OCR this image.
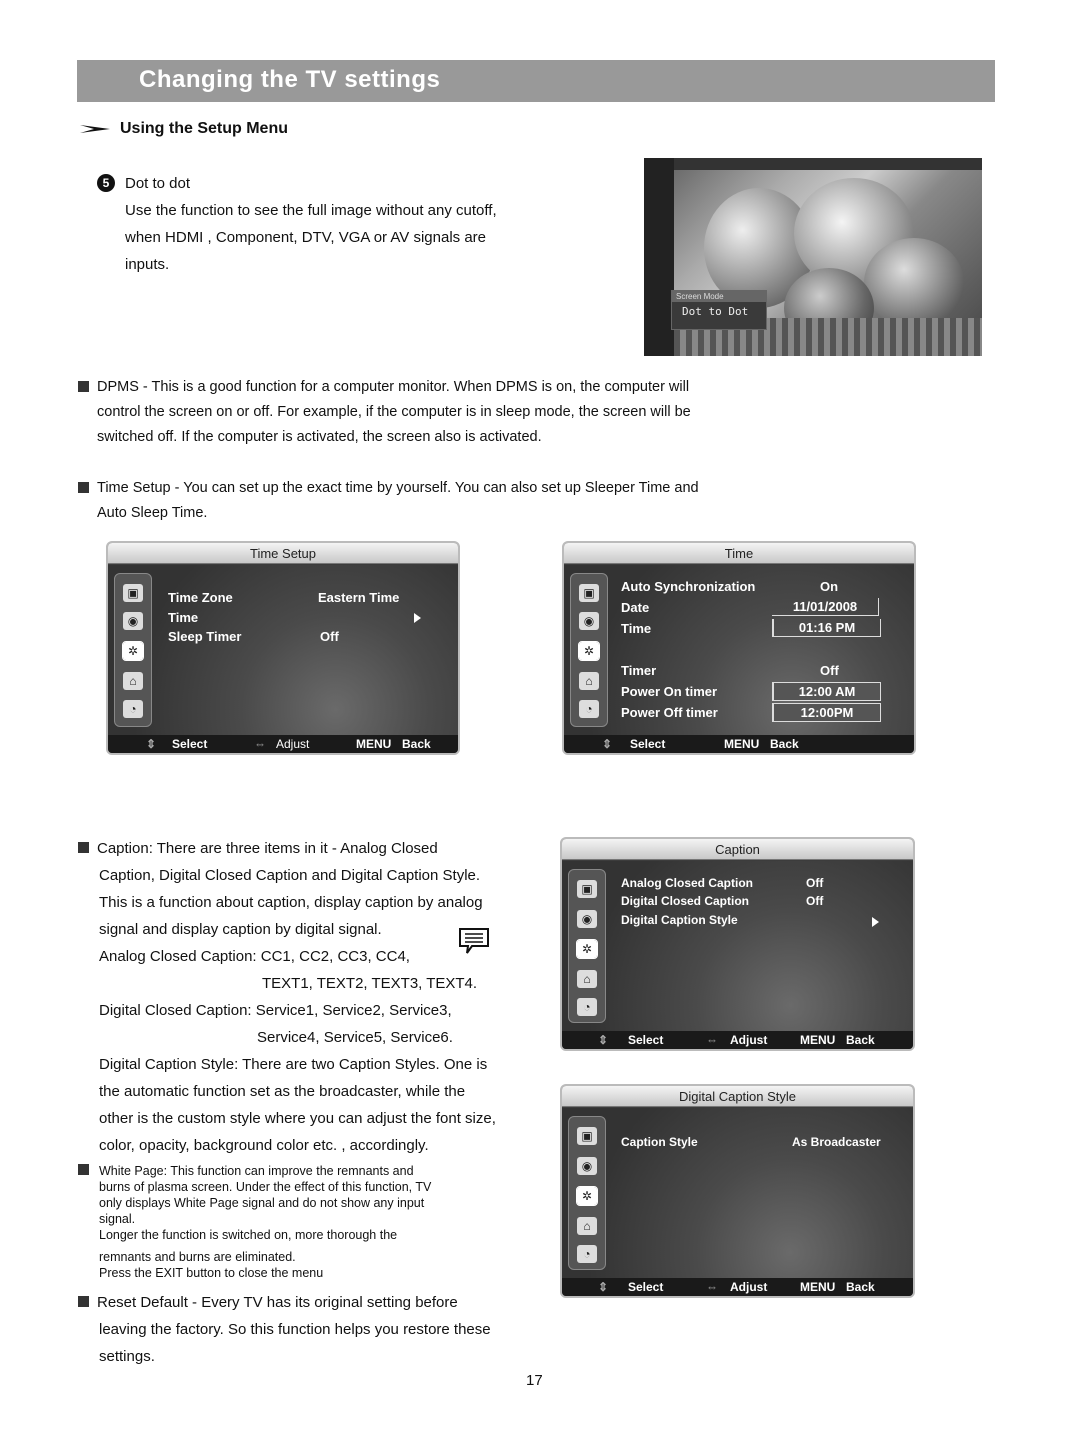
Changing the TV settings
Using the Setup Menu
5	Dot to dot
Use the function to see the full image without any cutoff,
when HDMI , Component, DTV, VGA or AV signals are
inputs.
Screen Mode
Dot to Dot
DPMS - This is a good function for a computer monitor. When DPMS is on, the computer will
control the screen on or off. For example, if the computer is in sleep mode, the screen will be
switched off. If the computer is activated, the screen also is activated.
Time Setup - You can set up the exact time by yourself. You can also set up Sleeper Time and
Auto Sleep Time.
Time Setup
▣
◉
✲
⌂
◔
Time Zone	Eastern Time
Time
Sleep Timer	Off
⇕ Select	⇔ Adjust	MENU Back
Time
▣
◉
✲
⌂
◔
Auto Synchronization	On
Date	11/01/2008
Time	01:16 PM
Timer	Off
Power On timer	12:00 AM
Power Off timer	12:00PM
⇕ Select	MENU Back
Caption: There are three items in it - Analog Closed
Caption, Digital Closed Caption and Digital Caption Style.
This is a function about caption, display caption by analog
signal and display caption by digital signal.
Analog Closed Caption: CC1, CC2, CC3, CC4,
TEXT1, TEXT2, TEXT3, TEXT4.
Digital Closed Caption: Service1, Service2, Service3,
Service4, Service5, Service6.
Digital Caption Style: There are two Caption Styles. One is
the automatic function set as the broadcaster, while the
other is the custom style where you can adjust the font size,
color, opacity, background color etc. , accordingly.
White Page: This function can improve the remnants and
burns of plasma screen. Under the effect of this function, TV
only displays White Page signal and do not show any input
signal.
Longer the function is switched on, more thorough the
remnants and burns are eliminated.
Press the EXIT button to close the menu
Reset Default - Every TV has its original setting before
leaving the factory. So this function helps you restore these
settings.
Caption
▣
◉
✲
⌂
◔
Analog Closed Caption	Off
Digital Closed Caption	Off
Digital Caption Style
⇕ Select	⇔ Adjust	MENU Back
Digital Caption Style
▣
◉
✲
⌂
◔
Caption Style	As Broadcaster
⇕ Select	⇔ Adjust	MENU Back
17
